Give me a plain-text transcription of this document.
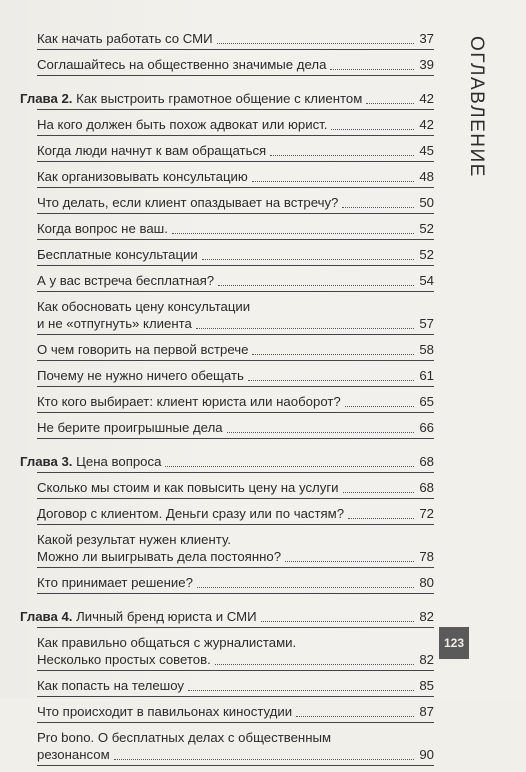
Как начать работать со СМИ	37
Соглашайтесь на общественно значимые дела	39
Глава 2. Как выстроить грамотное общение с клиентом	42
На кого должен быть похож адвокат или юрист.	42
Когда люди начнут к вам обращаться	45
Как организовывать консультацию	48
Что делать, если клиент опаздывает на встречу?	50
Когда вопрос не ваш.	52
Бесплатные консультации	52
А у вас встреча бесплатная?	54
Как обосновать цену консультации
и не «отпугнуть» клиента	57
О чем говорить на первой встрече	58
Почему не нужно ничего обещать	61
Кто кого выбирает: клиент юриста или наоборот?	65
Не берите проигрышные дела	66
Глава 3. Цена вопроса	68
Сколько мы стоим и как повысить цену на услуги	68
Договор с клиентом. Деньги сразу или по частям?	72
Какой результат нужен клиенту.
Можно ли выигрывать дела постоянно?	78
Кто принимает решение?	80
Глава 4. Личный бренд юриста и СМИ	82
Как правильно общаться с журналистами.
Несколько простых советов.	82
Как попасть на телешоу	85
Что происходит в павильонах киностудии	87
Pro bono. О бесплатных делах с общественным
резонансом	90
ОГЛАВЛЕНИЕ
123
